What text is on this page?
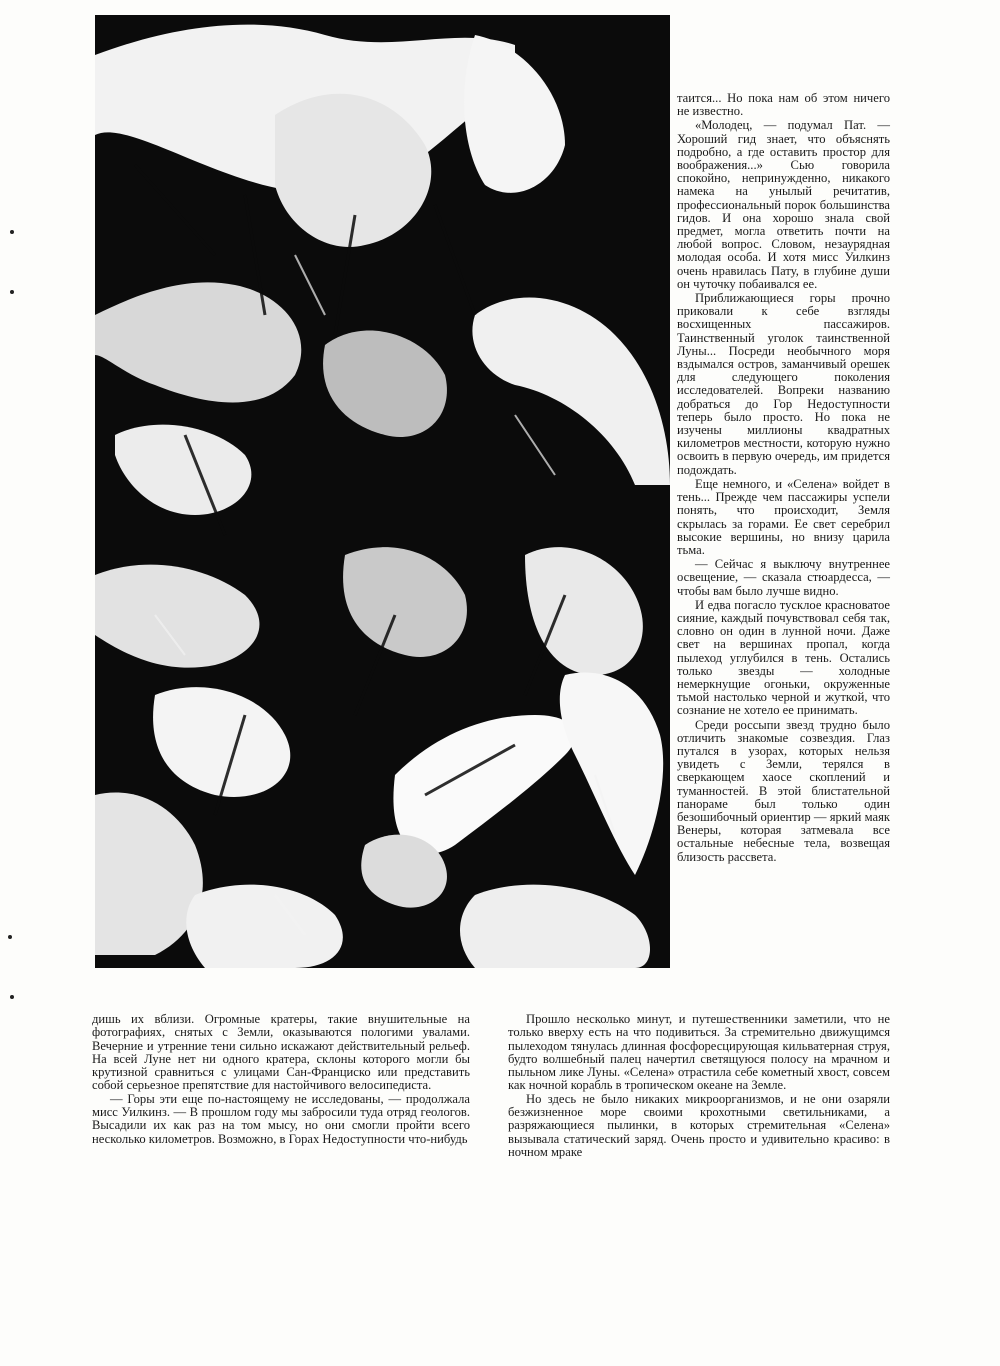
таится... Но пока нам об этом ничего не известно.

«Молодец, — подумал Пат. — Хороший гид знает, что объяснять подробно, а где оставить простор для воображения...» Сью говорила спокойно, непринужденно, никакого намека на унылый речитатив, профессиональный порок большинства гидов. И она хорошо знала свой предмет, могла ответить почти на любой вопрос. Словом, незаурядная молодая особа. И хотя мисс Уилкинз очень нравилась Пату, в глубине души он чуточку побаивался ее.

Приближающиеся горы прочно приковали к себе взгляды восхищенных пассажиров. Таинственный уголок таинственной Луны... Посреди необычного моря вздымался остров, заманчивый орешек для следующего поколения исследователей. Вопреки названию добраться до Гор Недоступности теперь было просто. Но пока не изучены миллионы квадратных километров местности, которую нужно освоить в первую очередь, им придется подождать.

Еще немного, и «Селена» войдет в тень... Прежде чем пассажиры успели понять, что происходит, Земля скрылась за горами. Ее свет серебрил высокие вершины, но внизу царила тьма.

— Сейчас я выключу внутреннее освещение, — сказала стюардесса, — чтобы вам было лучше видно.

И едва погасло тусклое красноватое сияние, каждый почувствовал себя так, словно он один в лунной ночи. Даже свет на вершинах пропал, когда пылеход углубился в тень. Остались только звезды — холодные немеркнущие огоньки, окруженные тьмой настолько черной и жуткой, что сознание не хотело ее принимать.

Среди россыпи звезд трудно было отличить знакомые созвездия. Глаз путался в узорах, которых нельзя увидеть с Земли, терялся в сверкающем хаосе скоплений и туманностей. В этой блистательной панораме был только один безошибочный ориентир — яркий маяк Венеры, которая затмевала все остальные небесные тела, возвещая близость рассвета.

дишь их вблизи. Огромные кратеры, такие внушительные на фотографиях, снятых с Земли, оказываются пологими увалами. Вечерние и утренние тени сильно искажают действительный рельеф. На всей Луне нет ни одного кратера, склоны которого могли бы крутизной сравниться с улицами Сан-Франциско или представить собой серьезное препятствие для настойчивого велосипедиста.

— Горы эти еще по-настоящему не исследованы, — продолжала мисс Уилкинз. — В прошлом году мы забросили туда отряд геологов. Высадили их как раз на том мысу, но они смогли пройти всего несколько километров. Возможно, в Горах Недоступности что-нибудь

Прошло несколько минут, и путешественники заметили, что не только вверху есть на что подивиться. За стремительно движущимся пылеходом тянулась длинная фосфоресцирующая кильватерная струя, будто волшебный палец начертил светящуюся полосу на мрачном и пыльном лике Луны. «Селена» отрастила себе кометный хвост, совсем как ночной корабль в тропическом океане на Земле.

Но здесь не было никаких микроорганизмов, и не они озаряли безжизненное море своими крохотными светильниками, а разряжающиеся пылинки, в которых стремительная «Селена» вызывала статический заряд. Очень просто и удивительно красиво: в ночном мраке
